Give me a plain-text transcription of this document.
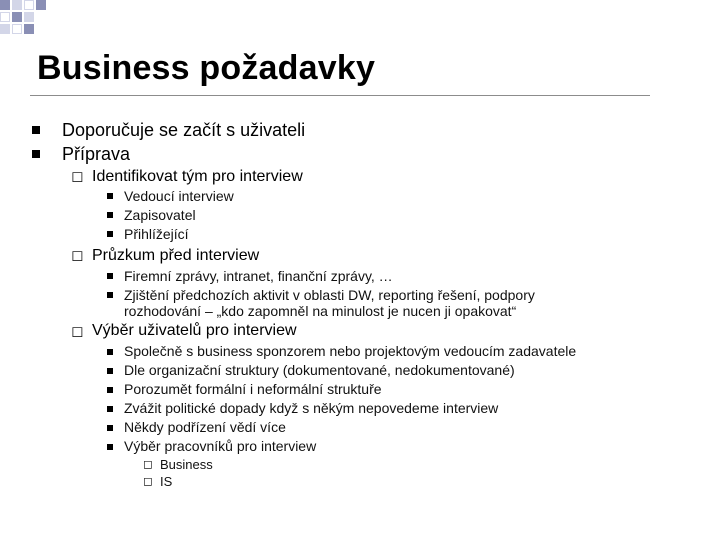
Business požadavky
Doporučuje se začít s uživateli
Příprava
◻ Identifikovat tým pro interview
Vedoucí interview
Zapisovatel
Přihlížející
◻ Průzkum před interview
Firemní zprávy, intranet, finanční zprávy, …
Zjištění předchozích aktivit v oblasti DW, reporting řešení, podpory
rozhodování – „kdo zapomněl na minulost je nucen ji opakovat“
◻ Výběr uživatelů pro interview
Společně s business sponzorem nebo projektovým vedoucím zadavatele
Dle organizační struktury (dokumentované, nedokumentované)
Porozumět formální i neformální struktuře
Zvážit politické dopady když s někým nepovedeme interview
Někdy podřízení vědí více
Výběr pracovníků pro interview
◻ Business
◻ IS
